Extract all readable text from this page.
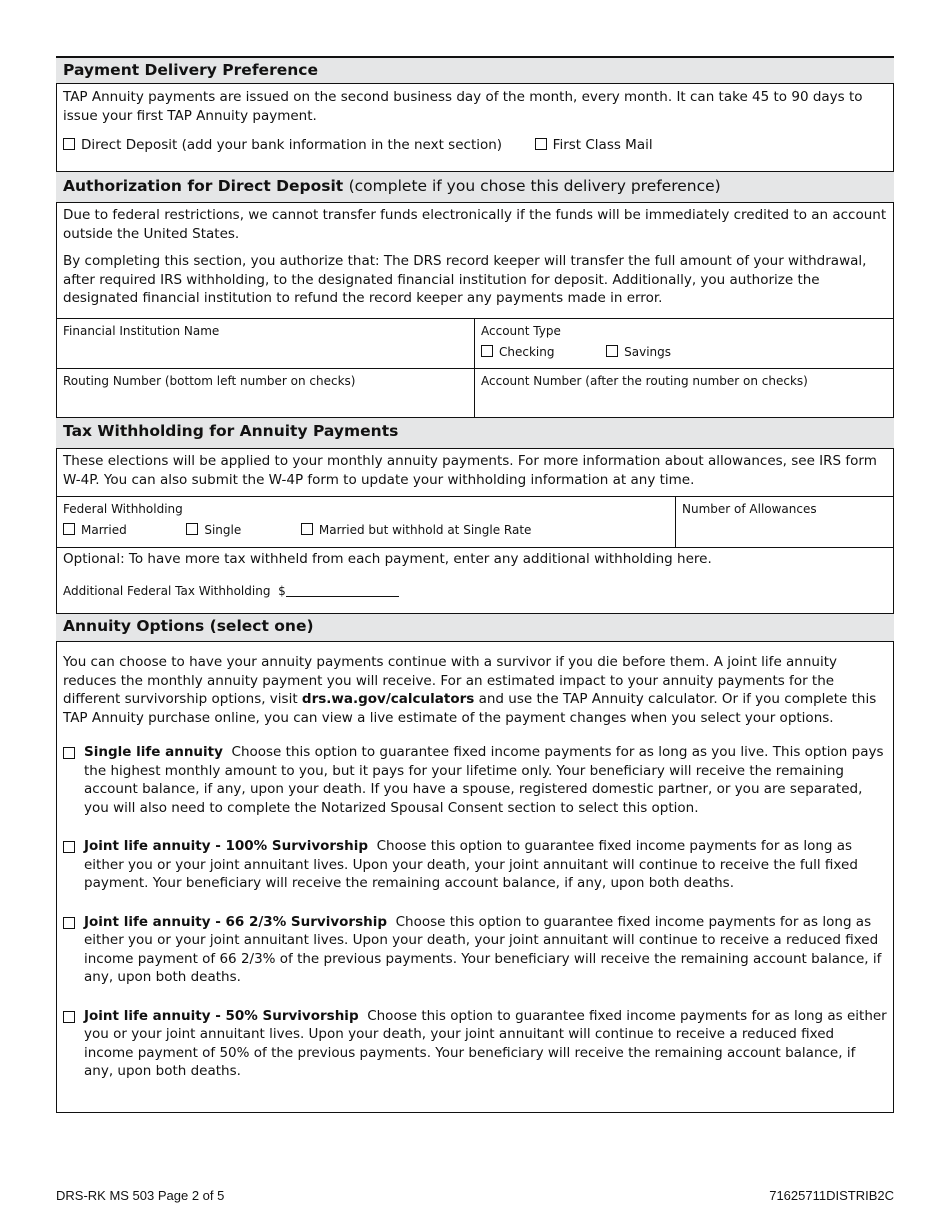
Payment Delivery Preference

TAP Annuity payments are issued on the second business day of the month, every month. It can take 45 to 90 days to issue your first TAP Annuity payment.

Direct Deposit (add your bank information in the next section)	First Class Mail
Authorization for Direct Deposit (complete if you chose this delivery preference)

Due to federal restrictions, we cannot transfer funds electronically if the funds will be immediately credited to an account outside the United States.

By completing this section, you authorize that: The DRS record keeper will transfer the full amount of your withdrawal, after required IRS withholding, to the designated financial institution for deposit. Additionally, you authorize the designated financial institution to refund the record keeper any payments made in error.

Financial Institution Name	Account Type
Checking	Savings
Routing Number (bottom left number on checks)	Account Number (after the routing number on checks)
Tax Withholding for Annuity Payments

These elections will be applied to your monthly annuity payments. For more information about allowances, see IRS form W-4P. You can also submit the W-4P form to update your withholding information at any time.

Federal Withholding
Married	Single	Married but withhold at Single Rate
Number of Allowances

Optional: To have more tax withheld from each payment, enter any additional withholding here.

Additional Federal Tax Withholding $
Annuity Options (select one)

You can choose to have your annuity payments continue with a survivor if you die before them. A joint life annuity reduces the monthly annuity payment you will receive. For an estimated impact to your annuity payments for the different survivorship options, visit drs.wa.gov/calculators and use the TAP Annuity calculator. Or if you complete this TAP Annuity purchase online, you can view a live estimate of the payment changes when you select your options.

Single life annuity Choose this option to guarantee fixed income payments for as long as you live. This option pays the highest monthly amount to you, but it pays for your lifetime only. Your beneficiary will receive the remaining account balance, if any, upon your death. If you have a spouse, registered domestic partner, or you are separated, you will also need to complete the Notarized Spousal Consent section to select this option.

Joint life annuity - 100% Survivorship Choose this option to guarantee fixed income payments for as long as either you or your joint annuitant lives. Upon your death, your joint annuitant will continue to receive the full fixed payment. Your beneficiary will receive the remaining account balance, if any, upon both deaths.

Joint life annuity - 66 2/3% Survivorship Choose this option to guarantee fixed income payments for as long as either you or your joint annuitant lives. Upon your death, your joint annuitant will continue to receive a reduced fixed income payment of 66 2/3% of the previous payments. Your beneficiary will receive the remaining account balance, if any, upon both deaths.

Joint life annuity - 50% Survivorship Choose this option to guarantee fixed income payments for as long as either you or your joint annuitant lives. Upon your death, your joint annuitant will continue to receive a reduced fixed income payment of 50% of the previous payments. Your beneficiary will receive the remaining account balance, if any, upon both deaths.

DRS-RK MS 503 Page 2 of 5	71625711DISTRIB2C
